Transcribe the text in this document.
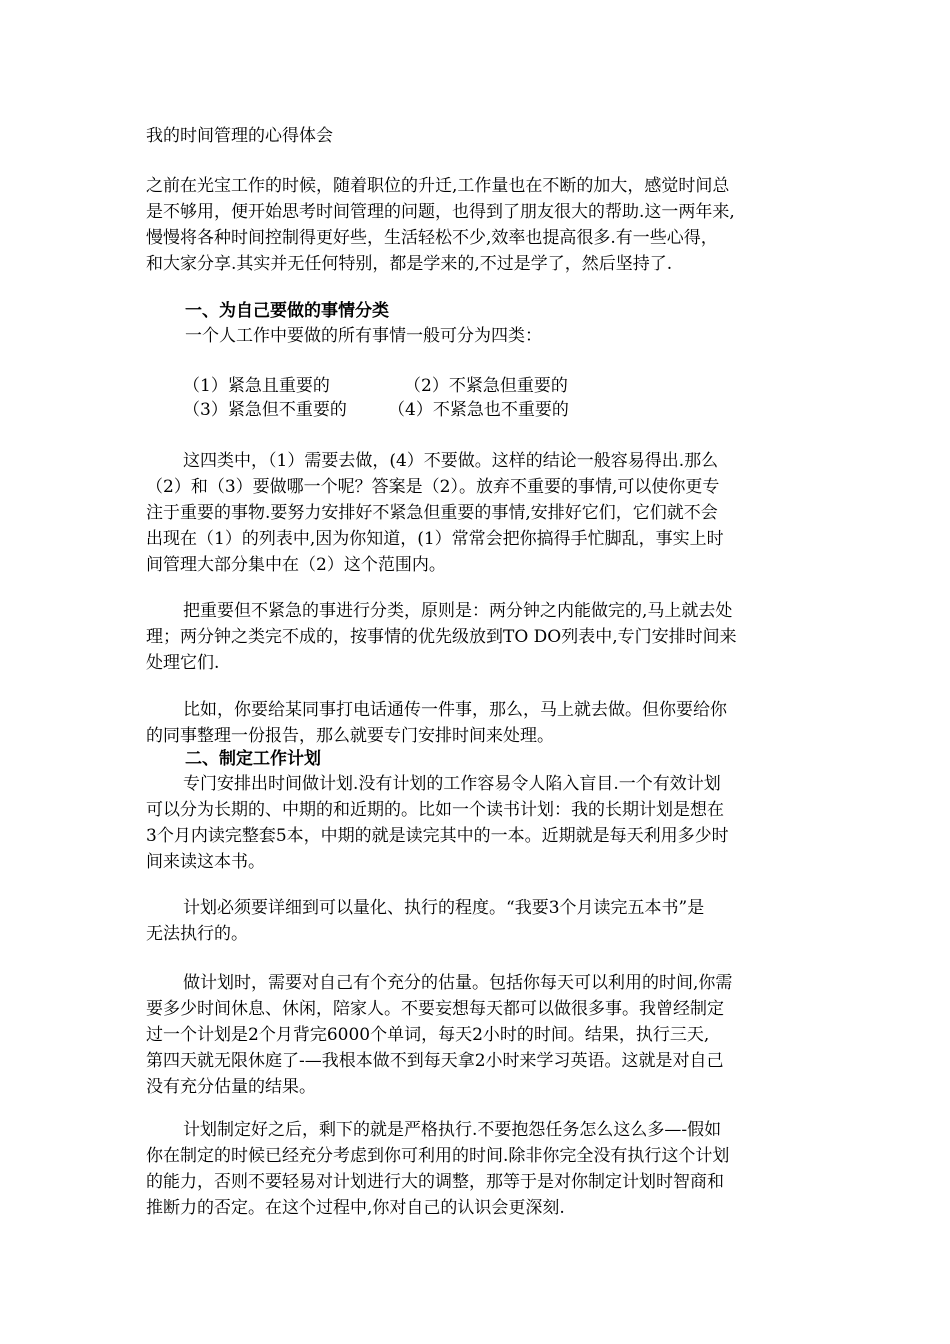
我的时间管理的心得体会
之前在光宝工作的时候，随着职位的升迁,工作量也在不断的加大，感觉时间总
是不够用，便开始思考时间管理的问题，也得到了朋友很大的帮助.这一两年来,
慢慢将各种时间控制得更好些，生活轻松不少,效率也提高很多.有一些心得，
和大家分享.其实并无任何特别，都是学来的,不过是学了，然后坚持了.
一、为自己要做的事情分类
一个人工作中要做的所有事情一般可分为四类：
（1）紧急且重要的	（2）不紧急但重要的
（3）紧急但不重要的 （4）不紧急也不重要的
这四类中，（1）需要去做，(4）不要做。这样的结论一般容易得出.那么
（2）和（3）要做哪一个呢？答案是（2）。放弃不重要的事情,可以使你更专
注于重要的事物.要努力安排好不紧急但重要的事情,安排好它们，它们就不会
出现在（1）的列表中,因为你知道，(1）常常会把你搞得手忙脚乱，事实上时
间管理大部分集中在（2）这个范围内。
把重要但不紧急的事进行分类，原则是：两分钟之内能做完的,马上就去处
理；两分钟之类完不成的，按事情的优先级放到TO DO列表中,专门安排时间来
处理它们.
比如，你要给某同事打电话通传一件事，那么，马上就去做。但你要给你
的同事整理一份报告，那么就要专门安排时间来处理。
二、制定工作计划
专门安排出时间做计划.没有计划的工作容易令人陷入盲目.一个有效计划
可以分为长期的、中期的和近期的。比如一个读书计划：我的长期计划是想在
3个月内读完整套5本，中期的就是读完其中的一本。近期就是每天利用多少时
间来读这本书。
计划必须要详细到可以量化、执行的程度。“我要3个月读完五本书”是
无法执行的。
做计划时，需要对自己有个充分的估量。包括你每天可以利用的时间,你需
要多少时间休息、休闲，陪家人。不要妄想每天都可以做很多事。我曾经制定
过一个计划是2个月背完6000个单词，每天2小时的时间。结果，执行三天,
第四天就无限休庭了-—我根本做不到每天拿2小时来学习英语。这就是对自己
没有充分估量的结果。
计划制定好之后，剩下的就是严格执行.不要抱怨任务怎么这么多—-假如
你在制定的时候已经充分考虑到你可利用的时间.除非你完全没有执行这个计划
的能力，否则不要轻易对计划进行大的调整，那等于是对你制定计划时智商和
推断力的否定。在这个过程中,你对自己的认识会更深刻.
